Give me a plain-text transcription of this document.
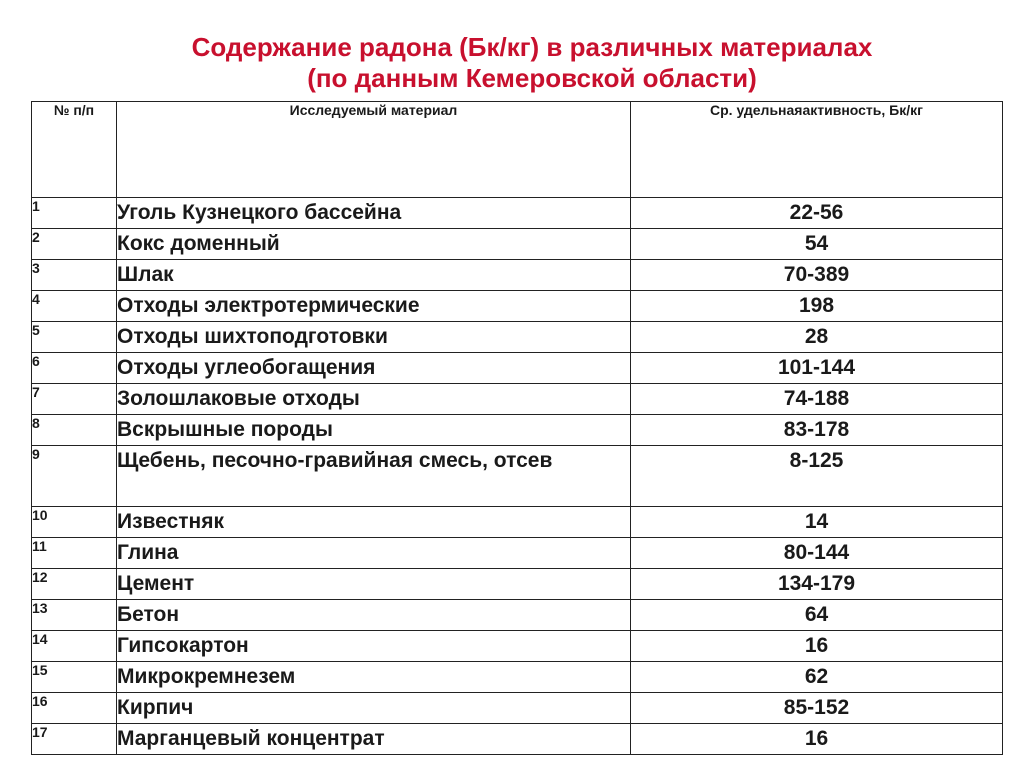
Содержание радона (Бк/кг) в различных материалах
(по данным Кемеровской области)
№ п/п	Исследуемый материал	Ср. удельнаяактивность, Бк/кг
1	Уголь Кузнецкого бассейна	22-56
2	Кокс доменный	54
3	Шлак	70-389
4	Отходы электротермические	198
5	Отходы шихтоподготовки	28
6	Отходы углеобогащения	101-144
7	Золошлаковые отходы	74-188
8	Вскрышные породы	83-178
9	Щебень, песочно-гравийная смесь, отсев	8-125
10	Известняк	14
11	Глина	80-144
12	Цемент	134-179
13	Бетон	64
14	Гипсокартон	16
15	Микрокремнезем	62
16	Кирпич	85-152
17	Марганцевый концентрат	16
